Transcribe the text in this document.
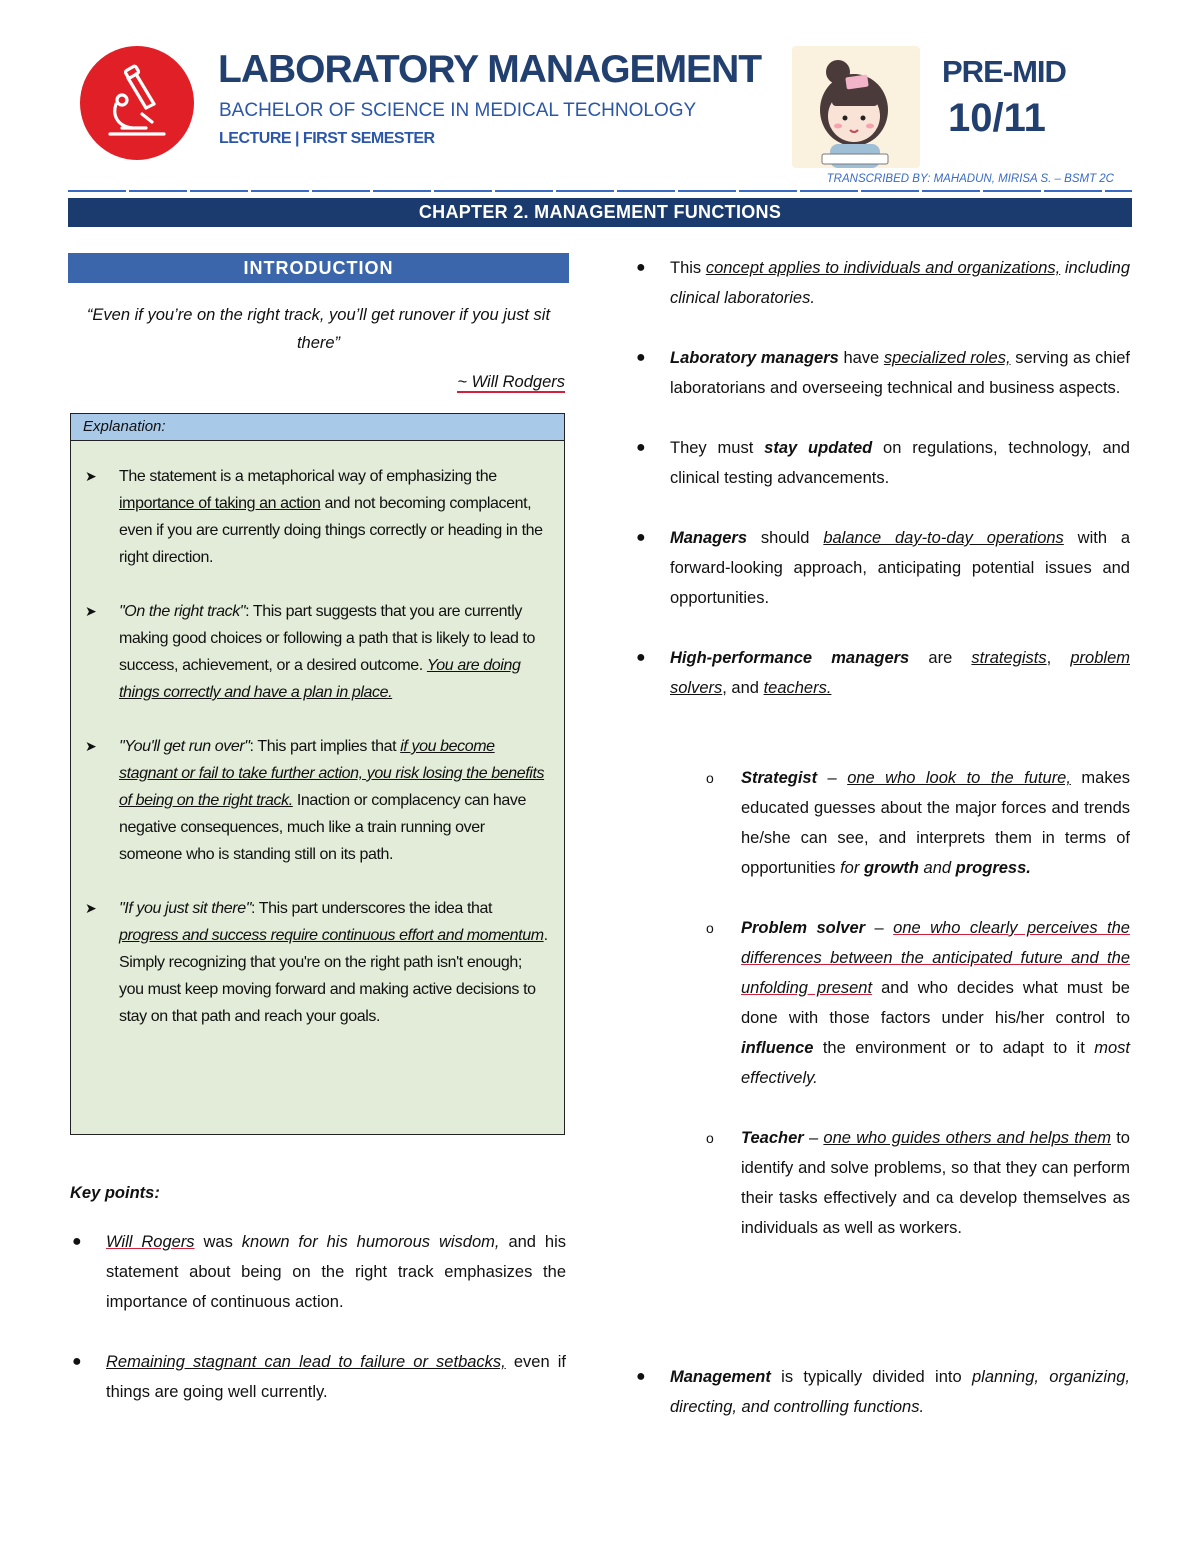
LABORATORY MANAGEMENT
BACHELOR OF SCIENCE IN MEDICAL TECHNOLOGY
LECTURE | FIRST SEMESTER
PRE-MID
10/11
TRANSCRIBED BY: MAHADUN, MIRISA S. – BSMT 2C
CHAPTER 2. MANAGEMENT FUNCTIONS
INTRODUCTION
“Even if you’re on the right track, you’ll get runover if you just sit there”
~ Will Rodgers
Explanation:
➤ The statement is a metaphorical way of emphasizing the importance of taking an action and not becoming complacent, even if you are currently doing things correctly or heading in the right direction.
➤ "On the right track": This part suggests that you are currently making good choices or following a path that is likely to lead to success, achievement, or a desired outcome. You are doing things correctly and have a plan in place.
➤ "You'll get run over": This part implies that if you become stagnant or fail to take further action, you risk losing the benefits of being on the right track. Inaction or complacency can have negative consequences, much like a train running over someone who is standing still on its path.
➤ "If you just sit there": This part underscores the idea that progress and success require continuous effort and momentum. Simply recognizing that you're on the right path isn't enough; you must keep moving forward and making active decisions to stay on that path and reach your goals.
Key points:
● Will Rogers was known for his humorous wisdom, and his statement about being on the right track emphasizes the importance of continuous action.
● Remaining stagnant can lead to failure or setbacks, even if things are going well currently.
● This concept applies to individuals and organizations, including clinical laboratories.
● Laboratory managers have specialized roles, serving as chief laboratorians and overseeing technical and business aspects.
● They must stay updated on regulations, technology, and clinical testing advancements.
● Managers should balance day-to-day operations with a forward-looking approach, anticipating potential issues and opportunities.
● High-performance managers are strategists, problem solvers, and teachers.
o Strategist – one who look to the future, makes educated guesses about the major forces and trends he/she can see, and interprets them in terms of opportunities for growth and progress.
o Problem solver – one who clearly perceives the differences between the anticipated future and the unfolding present and who decides what must be done with those factors under his/her control to influence the environment or to adapt to it most effectively.
o Teacher – one who guides others and helps them to identify and solve problems, so that they can perform their tasks effectively and ca develop themselves as individuals as well as workers.
● Management is typically divided into planning, organizing, directing, and controlling functions.
